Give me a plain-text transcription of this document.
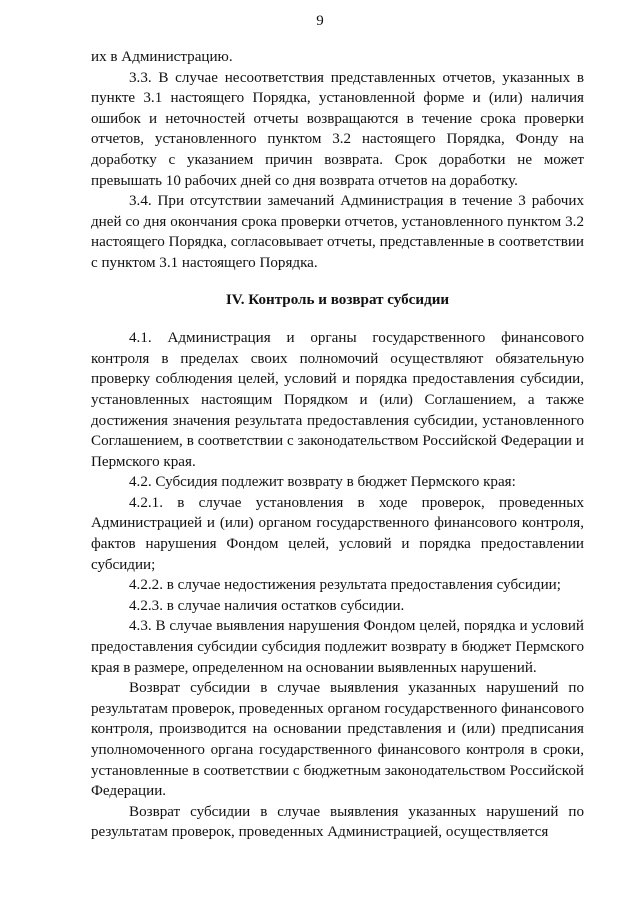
9

их в Администрацию.

3.3. В случае несоответствия представленных отчетов, указанных в пункте 3.1 настоящего Порядка, установленной форме и (или) наличия ошибок и неточностей отчеты возвращаются в течение срока проверки отчетов, установленного пунктом 3.2 настоящего Порядка, Фонду на доработку с указанием причин возврата. Срок доработки не может превышать 10 рабочих дней со дня возврата отчетов на доработку.

3.4. При отсутствии замечаний Администрация в течение 3 рабочих дней со дня окончания срока проверки отчетов, установленного пунктом 3.2 настоящего Порядка, согласовывает отчеты, представленные в соответствии с пунктом 3.1 настоящего Порядка.

IV. Контроль и возврат субсидии

4.1. Администрация и органы государственного финансового контроля в пределах своих полномочий осуществляют обязательную проверку соблюдения целей, условий и порядка предоставления субсидии, установленных настоящим Порядком и (или) Соглашением, а также достижения значения результата предоставления субсидии, установленного Соглашением, в соответствии с законодательством Российской Федерации и Пермского края.

4.2. Субсидия подлежит возврату в бюджет Пермского края:

4.2.1. в случае установления в ходе проверок, проведенных Администрацией и (или) органом государственного финансового контроля, фактов нарушения Фондом целей, условий и порядка предоставлении субсидии;

4.2.2. в случае недостижения результата предоставления субсидии;

4.2.3. в случае наличия остатков субсидии.

4.3. В случае выявления нарушения Фондом целей, порядка и условий предоставления субсидии субсидия подлежит возврату в бюджет Пермского края в размере, определенном на основании выявленных нарушений.

Возврат субсидии в случае выявления указанных нарушений по результатам проверок, проведенных органом государственного финансового контроля, производится на основании представления и (или) предписания уполномоченного органа государственного финансового контроля в сроки, установленные в соответствии с бюджетным законодательством Российской Федерации.

Возврат субсидии в случае выявления указанных нарушений по результатам проверок, проведенных Администрацией, осуществляется
